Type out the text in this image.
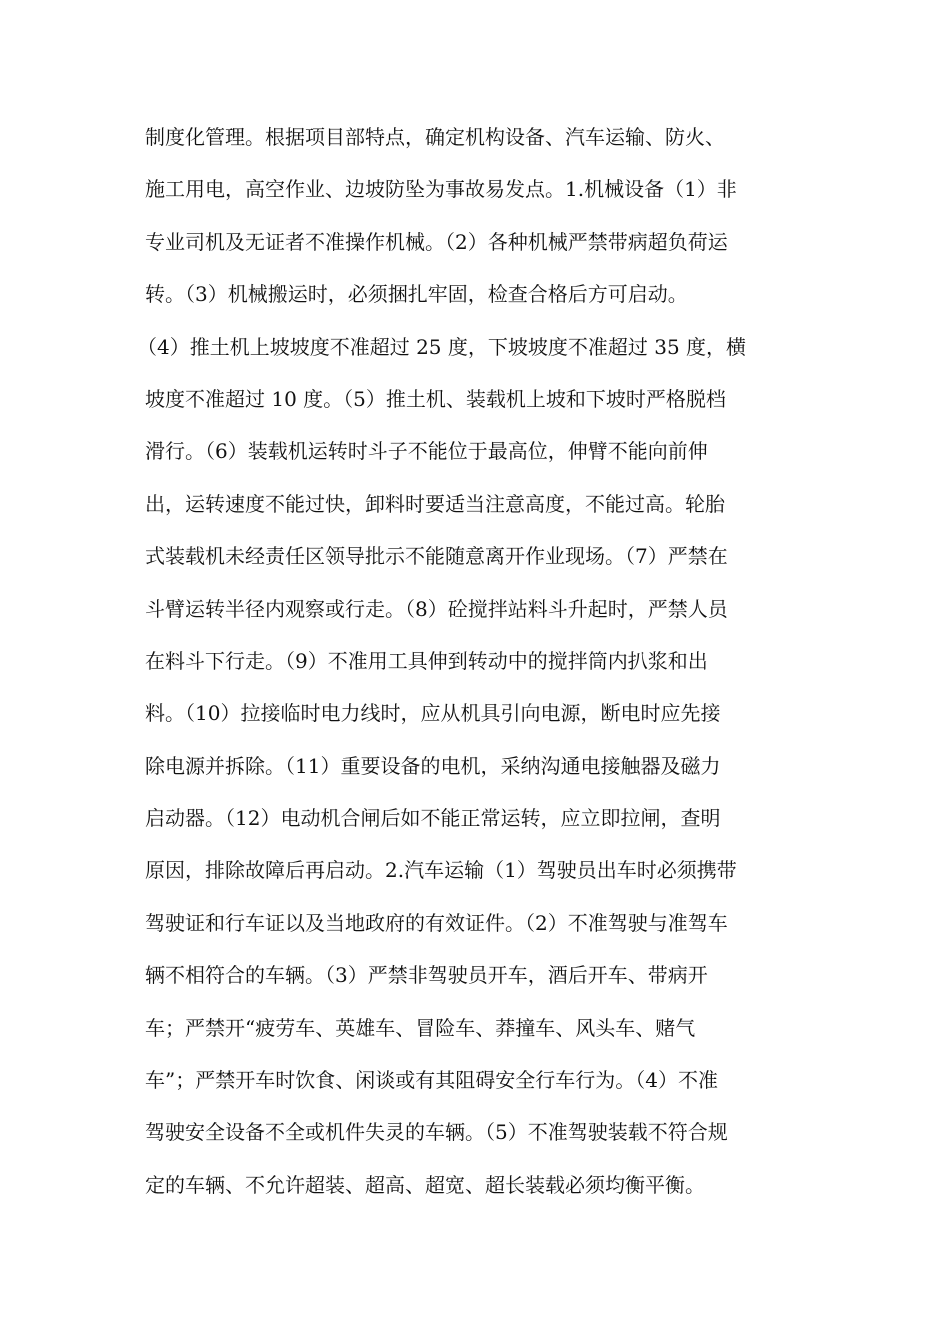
制度化管理。根据项目部特点，确定机构设备、汽车运输、防火、
施工用电，高空作业、边坡防坠为事故易发点。1.机械设备（1）非
专业司机及无证者不准操作机械。（2）各种机械严禁带病超负荷运
转。（3）机械搬运时，必须捆扎牢固，检查合格后方可启动。
（4）推土机上坡坡度不准超过 25 度，下坡坡度不准超过 35 度，横
坡度不准超过 10 度。（5）推土机、装载机上坡和下坡时严格脱档
滑行。（6）装载机运转时斗子不能位于最高位，伸臂不能向前伸
出，运转速度不能过快，卸料时要适当注意高度，不能过高。轮胎
式装载机未经责任区领导批示不能随意离开作业现场。（7）严禁在
斗臂运转半径内观察或行走。（8）砼搅拌站料斗升起时，严禁人员
在料斗下行走。（9）不准用工具伸到转动中的搅拌筒内扒浆和出
料。（10）拉接临时电力线时，应从机具引向电源，断电时应先接
除电源并拆除。（11）重要设备的电机，采纳沟通电接触器及磁力
启动器。（12）电动机合闸后如不能正常运转，应立即拉闸，查明
原因，排除故障后再启动。2.汽车运输（1）驾驶员出车时必须携带
驾驶证和行车证以及当地政府的有效证件。（2）不准驾驶与准驾车
辆不相符合的车辆。（3）严禁非驾驶员开车，酒后开车、带病开
车；严禁开“疲劳车、英雄车、冒险车、莽撞车、风头车、赌气
车”；严禁开车时饮食、闲谈或有其阻碍安全行车行为。（4）不准
驾驶安全设备不全或机件失灵的车辆。（5）不准驾驶装载不符合规
定的车辆、不允许超装、超高、超宽、超长装载必须均衡平衡。
